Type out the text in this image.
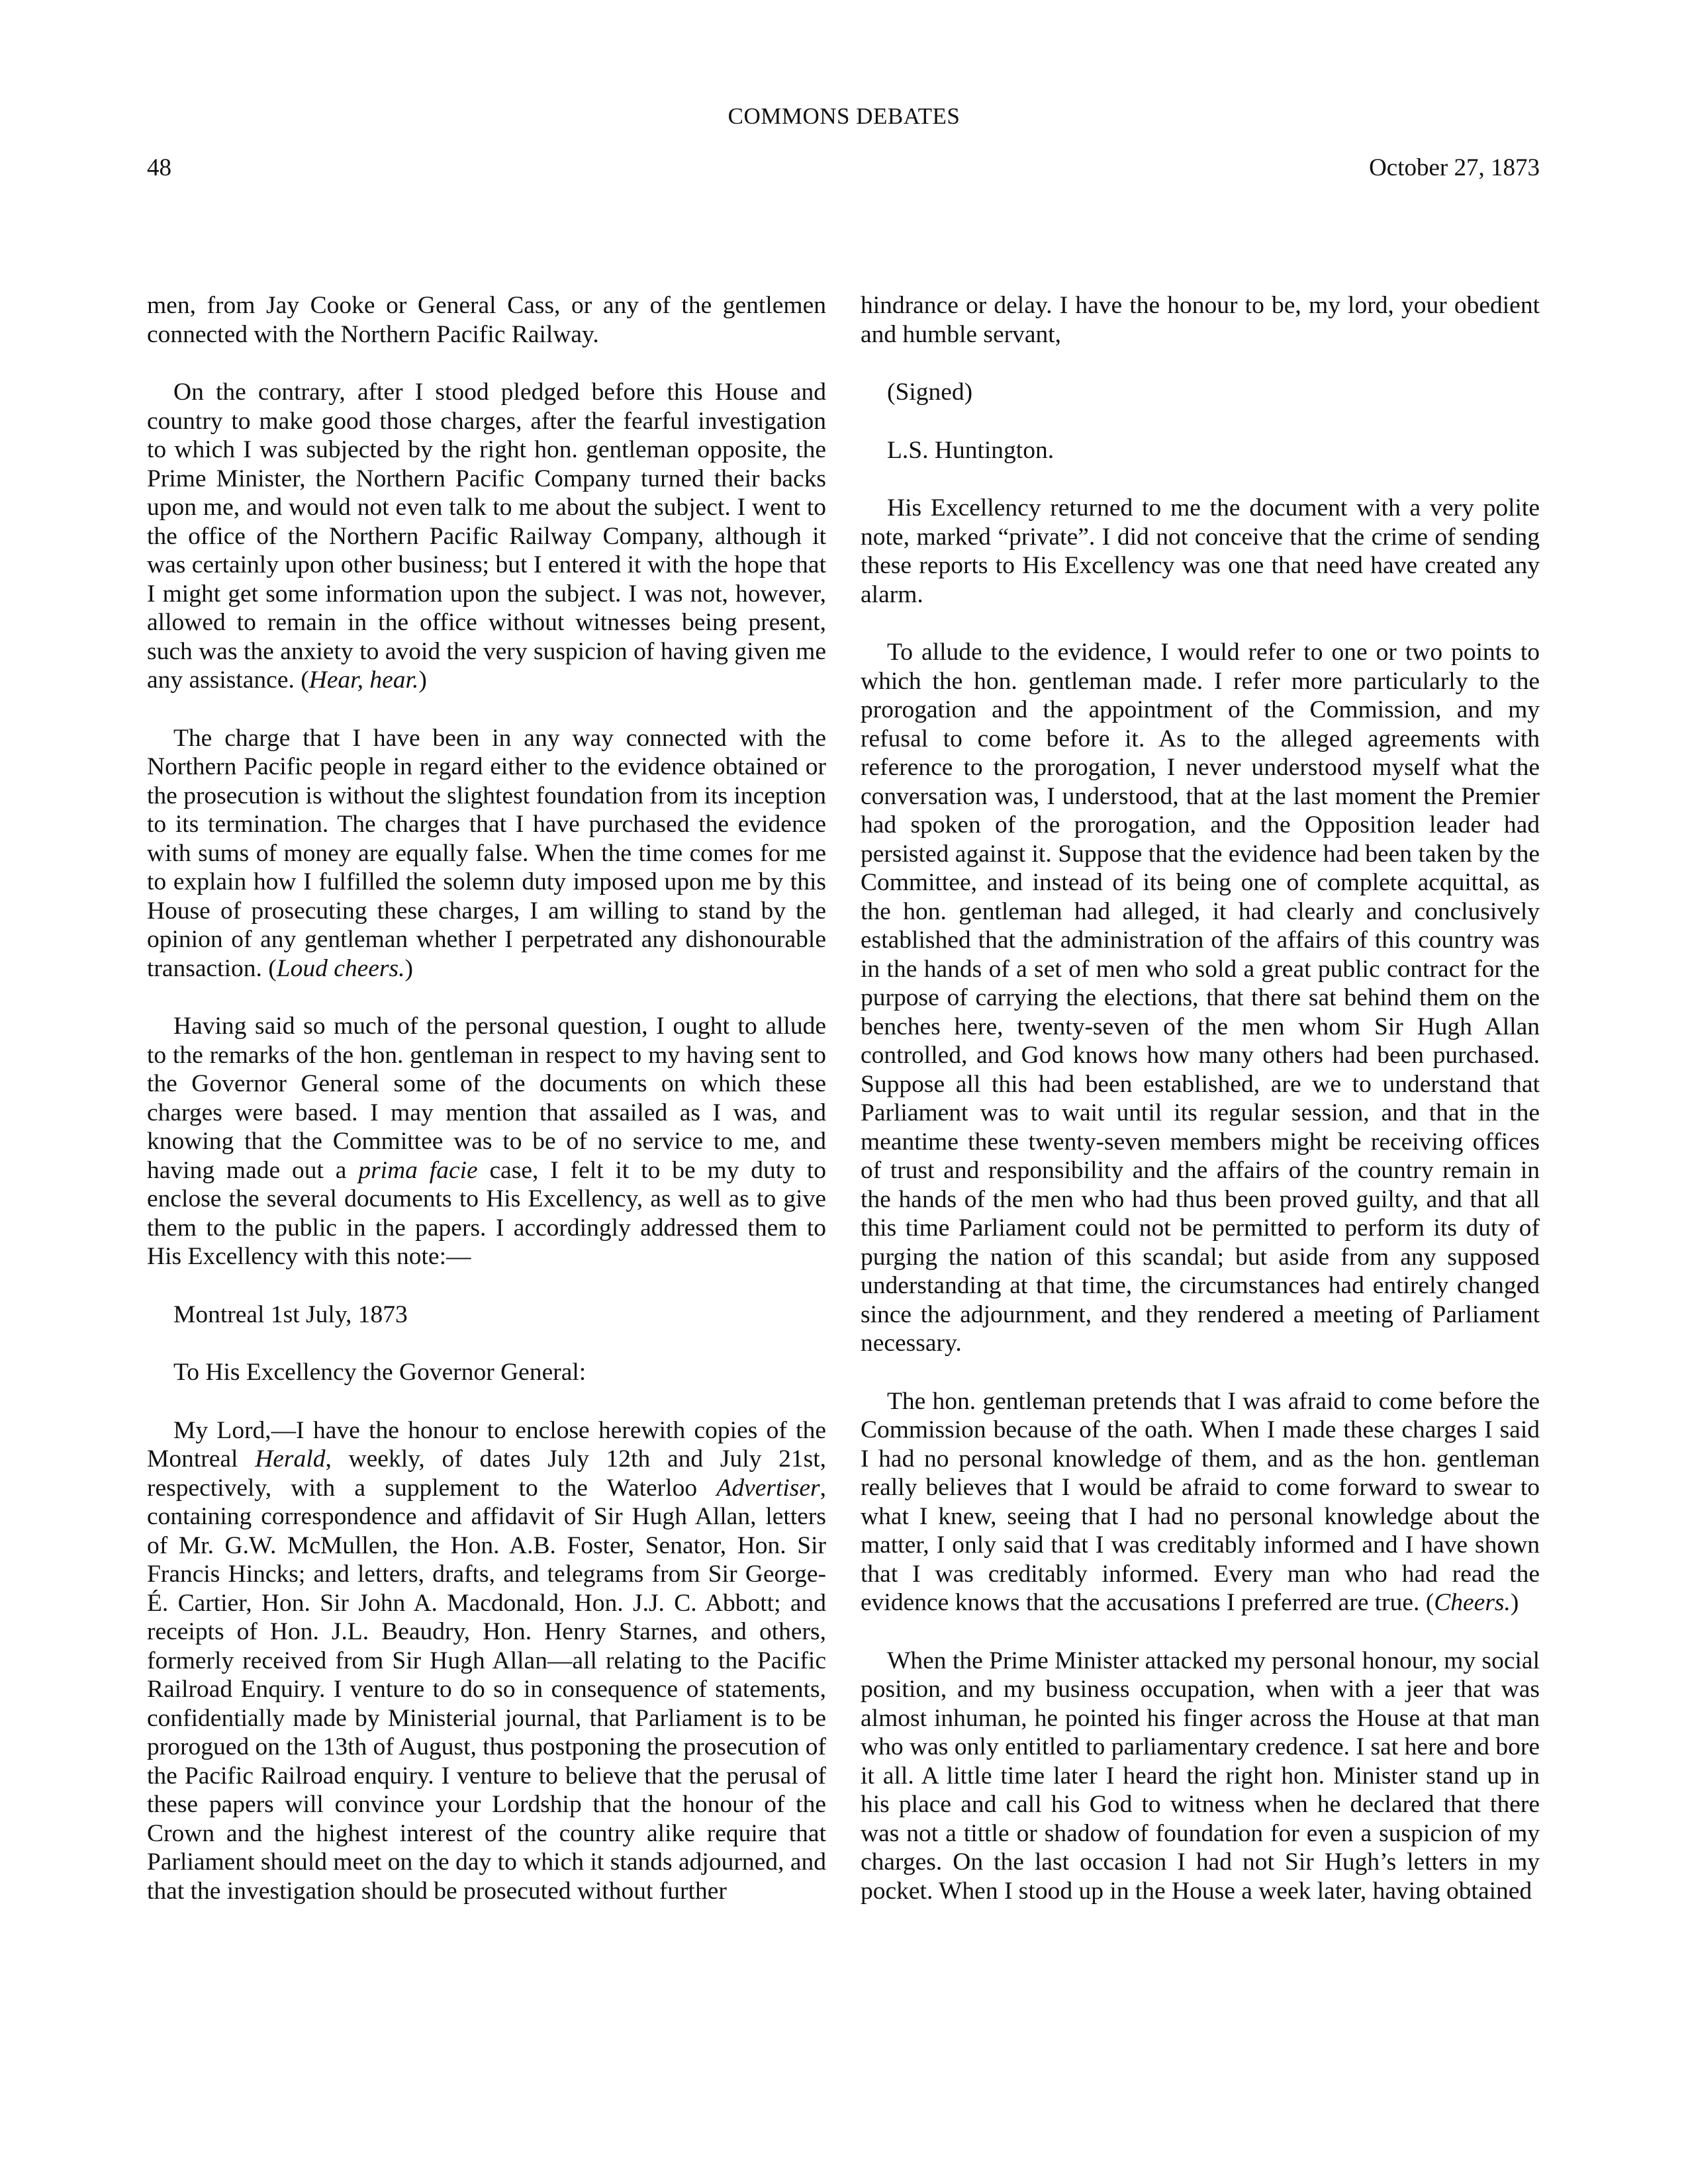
COMMONS DEBATES
48	October 27, 1873

men, from Jay Cooke or General Cass, or any of the gentlemen connected with the Northern Pacific Railway.

On the contrary, after I stood pledged before this House and country to make good those charges, after the fearful investigation to which I was subjected by the right hon. gentleman opposite, the Prime Minister, the Northern Pacific Company turned their backs upon me, and would not even talk to me about the subject. I went to the office of the Northern Pacific Railway Company, although it was certainly upon other business; but I entered it with the hope that I might get some information upon the subject. I was not, however, allowed to remain in the office without witnesses being present, such was the anxiety to avoid the very suspicion of having given me any assistance. (Hear, hear.)

The charge that I have been in any way connected with the Northern Pacific people in regard either to the evidence obtained or the prosecution is without the slightest foundation from its inception to its termination. The charges that I have purchased the evidence with sums of money are equally false. When the time comes for me to explain how I fulfilled the solemn duty imposed upon me by this House of prosecuting these charges, I am willing to stand by the opinion of any gentleman whether I perpetrated any dishonourable transaction. (Loud cheers.)

Having said so much of the personal question, I ought to allude to the remarks of the hon. gentleman in respect to my having sent to the Governor General some of the documents on which these charges were based. I may mention that assailed as I was, and knowing that the Committee was to be of no service to me, and having made out a prima facie case, I felt it to be my duty to enclose the several documents to His Excellency, as well as to give them to the public in the papers. I accordingly addressed them to His Excellency with this note:—

Montreal 1st July, 1873

To His Excellency the Governor General:

My Lord,—I have the honour to enclose herewith copies of the Montreal Herald, weekly, of dates July 12th and July 21st, respectively, with a supplement to the Waterloo Advertiser, containing correspondence and affidavit of Sir Hugh Allan, letters of Mr. G.W. McMullen, the Hon. A.B. Foster, Senator, Hon. Sir Francis Hincks; and letters, drafts, and telegrams from Sir George-É. Cartier, Hon. Sir John A. Macdonald, Hon. J.J. C. Abbott; and receipts of Hon. J.L. Beaudry, Hon. Henry Starnes, and others, formerly received from Sir Hugh Allan—all relating to the Pacific Railroad Enquiry. I venture to do so in consequence of statements, confidentially made by Ministerial journal, that Parliament is to be prorogued on the 13th of August, thus postponing the prosecution of the Pacific Railroad enquiry. I venture to believe that the perusal of these papers will convince your Lordship that the honour of the Crown and the highest interest of the country alike require that Parliament should meet on the day to which it stands adjourned, and that the investigation should be prosecuted without further

hindrance or delay. I have the honour to be, my lord, your obedient and humble servant,

(Signed)

L.S. Huntington.

His Excellency returned to me the document with a very polite note, marked “private”. I did not conceive that the crime of sending these reports to His Excellency was one that need have created any alarm.

To allude to the evidence, I would refer to one or two points to which the hon. gentleman made. I refer more particularly to the prorogation and the appointment of the Commission, and my refusal to come before it. As to the alleged agreements with reference to the prorogation, I never understood myself what the conversation was, I understood, that at the last moment the Premier had spoken of the prorogation, and the Opposition leader had persisted against it. Suppose that the evidence had been taken by the Committee, and instead of its being one of complete acquittal, as the hon. gentleman had alleged, it had clearly and conclusively established that the administration of the affairs of this country was in the hands of a set of men who sold a great public contract for the purpose of carrying the elections, that there sat behind them on the benches here, twenty-seven of the men whom Sir Hugh Allan controlled, and God knows how many others had been purchased. Suppose all this had been established, are we to understand that Parliament was to wait until its regular session, and that in the meantime these twenty-seven members might be receiving offices of trust and responsibility and the affairs of the country remain in the hands of the men who had thus been proved guilty, and that all this time Parliament could not be permitted to perform its duty of purging the nation of this scandal; but aside from any supposed understanding at that time, the circumstances had entirely changed since the adjournment, and they rendered a meeting of Parliament necessary.

The hon. gentleman pretends that I was afraid to come before the Commission because of the oath. When I made these charges I said I had no personal knowledge of them, and as the hon. gentleman really believes that I would be afraid to come forward to swear to what I knew, seeing that I had no personal knowledge about the matter, I only said that I was creditably informed and I have shown that I was creditably informed. Every man who had read the evidence knows that the accusations I preferred are true. (Cheers.)

When the Prime Minister attacked my personal honour, my social position, and my business occupation, when with a jeer that was almost inhuman, he pointed his finger across the House at that man who was only entitled to parliamentary credence. I sat here and bore it all. A little time later I heard the right hon. Minister stand up in his place and call his God to witness when he declared that there was not a tittle or shadow of foundation for even a suspicion of my charges. On the last occasion I had not Sir Hugh’s letters in my pocket. When I stood up in the House a week later, having obtained
